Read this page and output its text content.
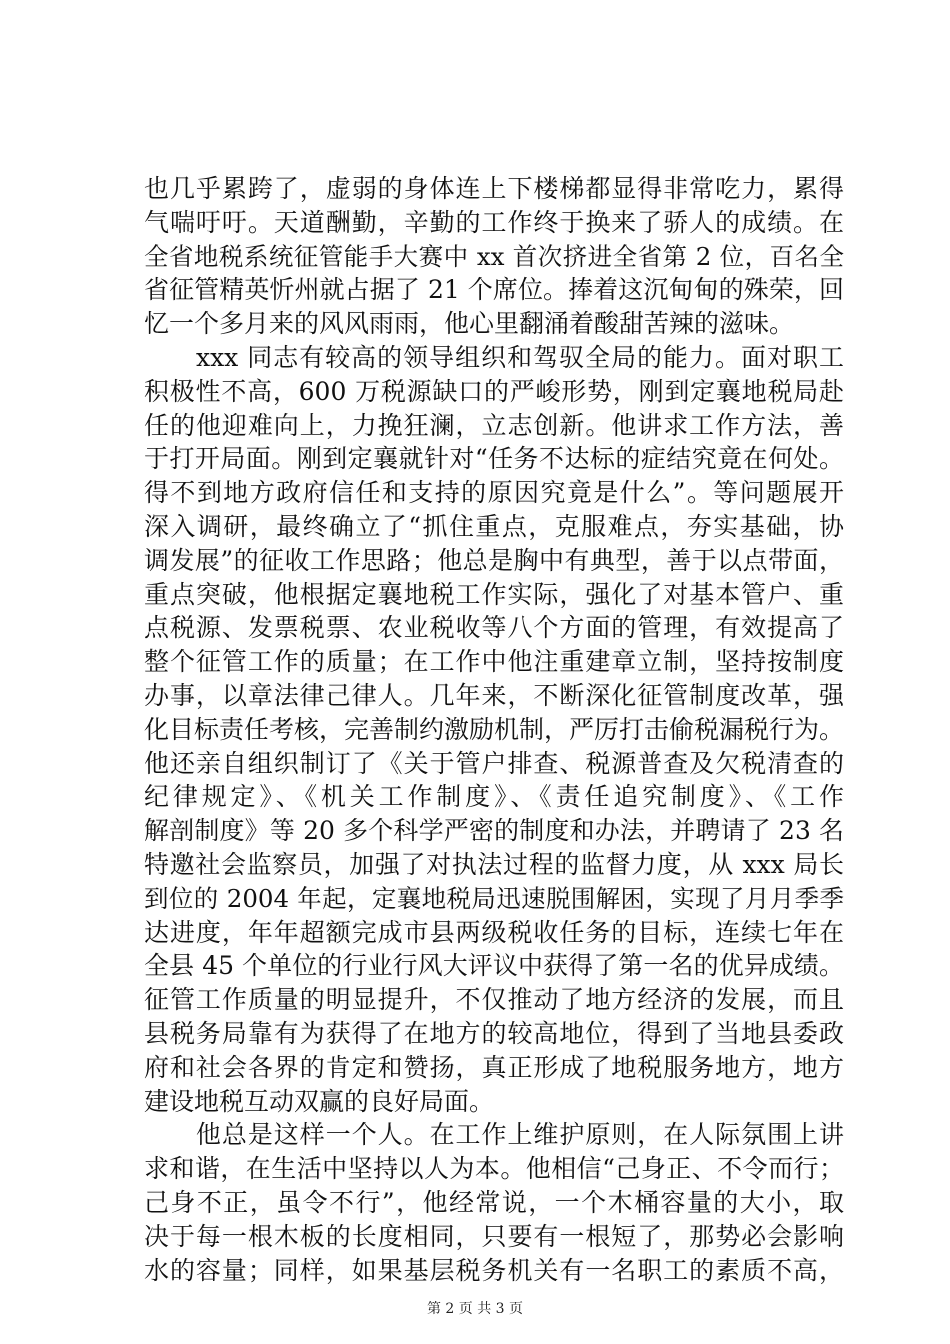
也几乎累跨了，虚弱的身体连上下楼梯都显得非常吃力，累得
气喘吁吁。天道酬勤，辛勤的工作终于换来了骄人的成绩。在
全省地税系统征管能手大赛中 xx 首次挤进全省第 2 位，百名全
省征管精英忻州就占据了 21 个席位。捧着这沉甸甸的殊荣，回
忆一个多月来的风风雨雨，他心里翻涌着酸甜苦辣的滋味。
　　xxx 同志有较高的领导组织和驾驭全局的能力。面对职工
积极性不高，600 万税源缺口的严峻形势，刚到定襄地税局赴
任的他迎难向上，力挽狂澜，立志创新。他讲求工作方法，善
于打开局面。刚到定襄就针对“任务不达标的症结究竟在何处。
得不到地方政府信任和支持的原因究竟是什么”。等问题展开
深入调研，最终确立了“抓住重点，克服难点，夯实基础，协
调发展”的征收工作思路；他总是胸中有典型，善于以点带面，
重点突破，他根据定襄地税工作实际，强化了对基本管户、重
点税源、发票税票、农业税收等八个方面的管理，有效提高了
整个征管工作的质量；在工作中他注重建章立制，坚持按制度
办事，以章法律己律人。几年来，不断深化征管制度改革，强
化目标责任考核，完善制约激励机制，严厉打击偷税漏税行为。
他还亲自组织制订了《关于管户排查、税源普查及欠税清查的
纪律规定》、《机关工作制度》、《责任追究制度》、《工作
解剖制度》等 20 多个科学严密的制度和办法，并聘请了 23 名
特邀社会监察员，加强了对执法过程的监督力度，从 xxx 局长
到位的 2004 年起，定襄地税局迅速脱围解困，实现了月月季季
达进度，年年超额完成市县两级税收任务的目标，连续七年在
全县 45 个单位的行业行风大评议中获得了第一名的优异成绩。
征管工作质量的明显提升，不仅推动了地方经济的发展，而且
县税务局靠有为获得了在地方的较高地位，得到了当地县委政
府和社会各界的肯定和赞扬，真正形成了地税服务地方，地方
建设地税互动双赢的良好局面。
　　他总是这样一个人。在工作上维护原则，在人际氛围上讲
求和谐，在生活中坚持以人为本。他相信“己身正、不令而行；
己身不正，虽令不行”，他经常说，一个木桶容量的大小，取
决于每一根木板的长度相同，只要有一根短了，那势必会影响
水的容量；同样，如果基层税务机关有一名职工的素质不高，
第 2 页 共 3 页
